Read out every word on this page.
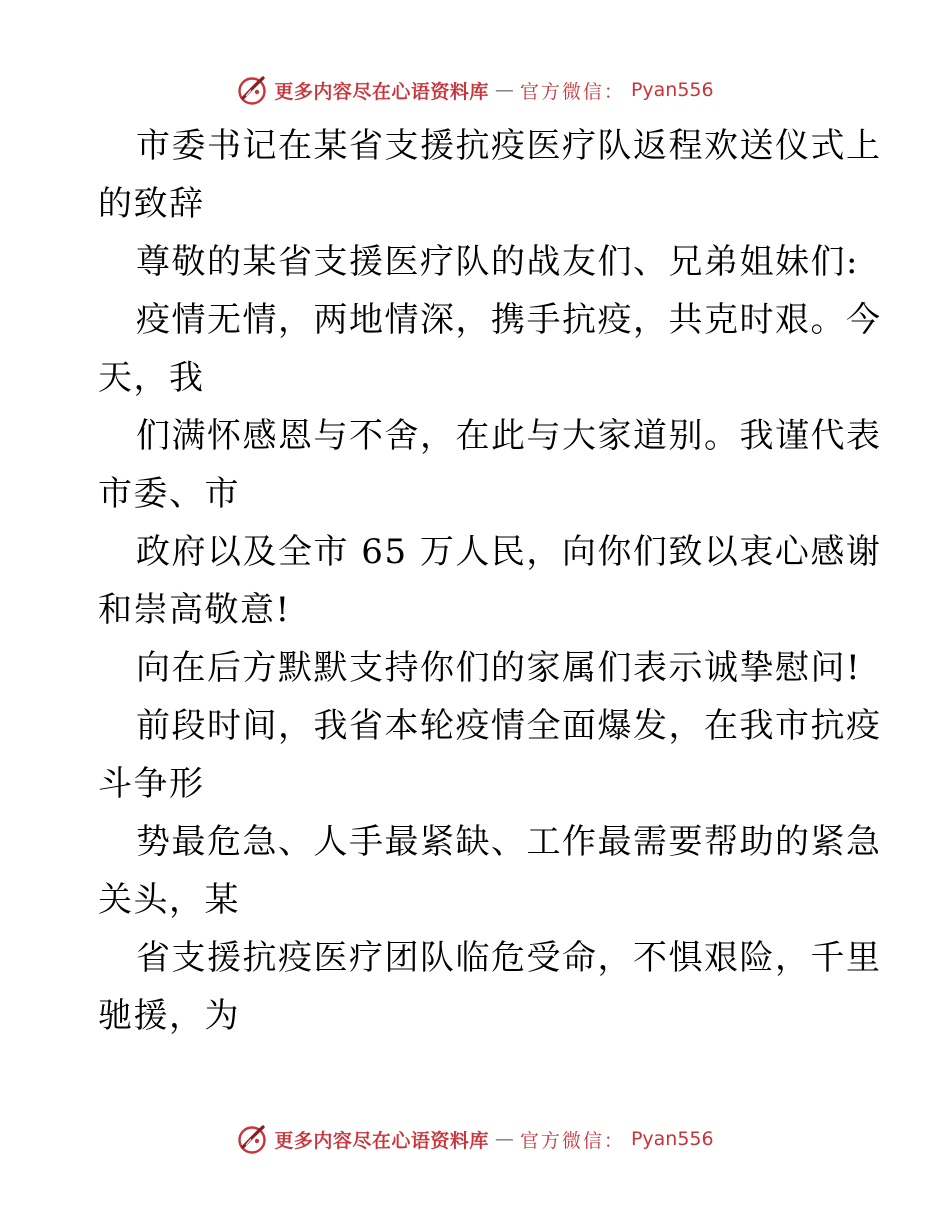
更多内容尽在心语资料库 — 官方微信： Pyan556
市委书记在某省支援抗疫医疗队返程欢送仪式上
的致辞
尊敬的某省支援医疗队的战友们、兄弟姐妹们:
疫情无情，两地情深，携手抗疫，共克时艰。今
天，我
们满怀感恩与不舍，在此与大家道别。我谨代表
市委、市
政府以及全市 65 万人民，向你们致以衷心感谢
和崇高敬意!
向在后方默默支持你们的家属们表示诚挚慰问!
前段时间，我省本轮疫情全面爆发，在我市抗疫
斗争形
势最危急、人手最紧缺、工作最需要帮助的紧急
关头，某
省支援抗疫医疗团队临危受命，不惧艰险，千里
驰援，为
更多内容尽在心语资料库 — 官方微信： Pyan556
